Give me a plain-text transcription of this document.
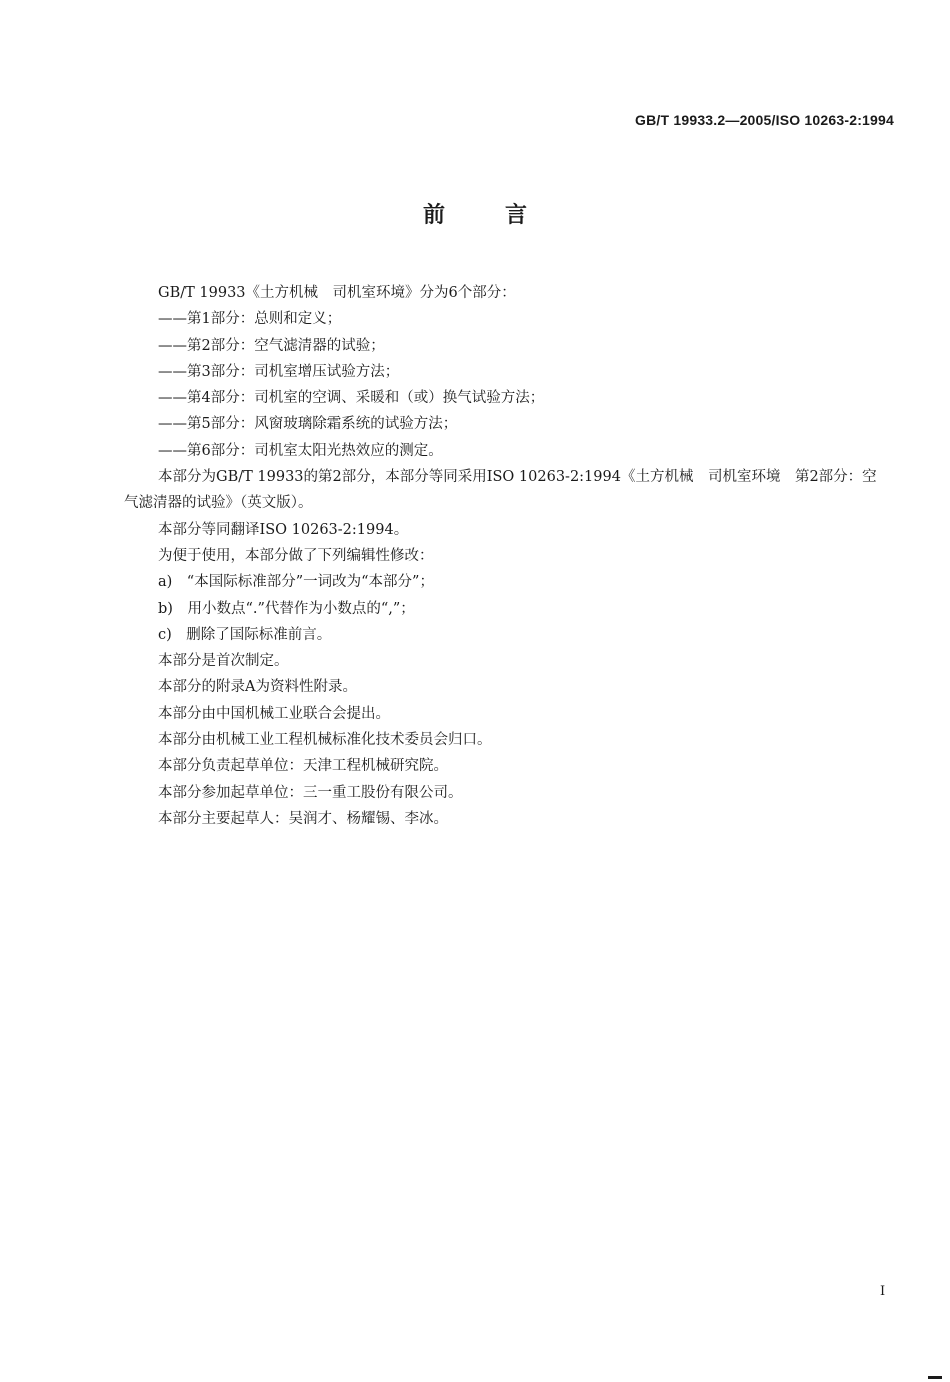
GB/T 19933.2—2005/ISO 10263-2:1994
前言

GB/T 19933《土方机械　司机室环境》分为6个部分：

——第1部分：总则和定义；

——第2部分：空气滤清器的试验；

——第3部分：司机室增压试验方法；

——第4部分：司机室的空调、采暖和（或）换气试验方法；

——第5部分：风窗玻璃除霜系统的试验方法；

——第6部分：司机室太阳光热效应的测定。

本部分为GB/T 19933的第2部分，本部分等同采用ISO 10263-2:1994《土方机械　司机室环境　第2部分：空气滤清器的试验》（英文版）。

本部分等同翻译ISO 10263-2:1994。

为便于使用，本部分做了下列编辑性修改：

a)　“本国际标准部分”一词改为“本部分”；

b)　用小数点“.”代替作为小数点的“,”；

c)　删除了国际标准前言。

本部分是首次制定。

本部分的附录A为资料性附录。

本部分由中国机械工业联合会提出。

本部分由机械工业工程机械标准化技术委员会归口。

本部分负责起草单位：天津工程机械研究院。

本部分参加起草单位：三一重工股份有限公司。

本部分主要起草人：吴润才、杨耀锡、李冰。

I
